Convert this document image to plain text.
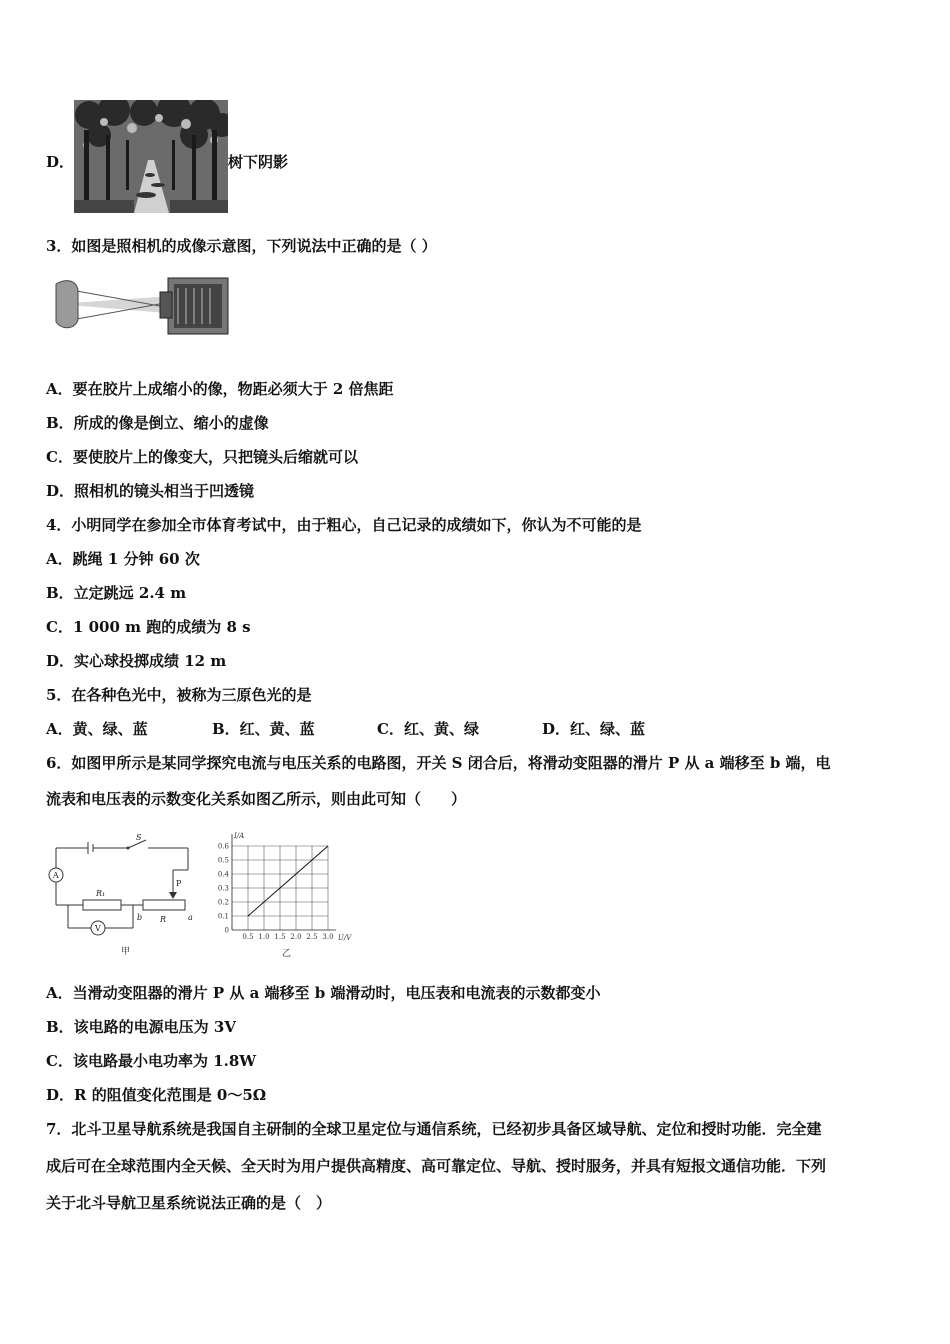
D．	树下阴影
3．如图是照相机的成像示意图，下列说法中正确的是（ ）
A．要在胶片上成缩小的像，物距必须大于 2 倍焦距
B．所成的像是倒立、缩小的虚像
C．要使胶片上的像变大，只把镜头后缩就可以
D．照相机的镜头相当于凹透镜
4．小明同学在参加全市体育考试中，由于粗心，自己记录的成绩如下，你认为不可能的是
A．跳绳 1 分钟 60 次
B．立定跳远 2.4 m
C．1 000 m 跑的成绩为 8 s
D．实心球投掷成绩 12 m
5．在各种色光中，被称为三原色光的是
A．黄、绿、蓝	B．红、黄、蓝	C．红、黄、绿	D．红、绿、蓝
6．如图甲所示是某同学探究电流与电压关系的电路图，开关 S 闭合后，将滑动变阻器的滑片 P 从 a 端移至 b 端，电
流表和电压表的示数变化关系如图乙所示，则由此可知（　　）
S
A
V
R₁
R
P
a
b
甲
0.6
0.5
0.4
0.3
0.2
0.1
0
0.5 1.0 1.5 2.0 2.5 3.0
I/A
U/V
乙
A．当滑动变阻器的滑片 P 从 a 端移至 b 端滑动时，电压表和电流表的示数都变小
B．该电路的电源电压为 3V
C．该电路最小电功率为 1.8W
D．R 的阻值变化范围是 0～5Ω
7．北斗卫星导航系统是我国自主研制的全球卫星定位与通信系统，已经初步具备区域导航、定位和授时功能．完全建
成后可在全球范围内全天候、全天时为用户提供高精度、高可靠定位、导航、授时服务，并具有短报文通信功能．下列
关于北斗导航卫星系统说法正确的是（　）
